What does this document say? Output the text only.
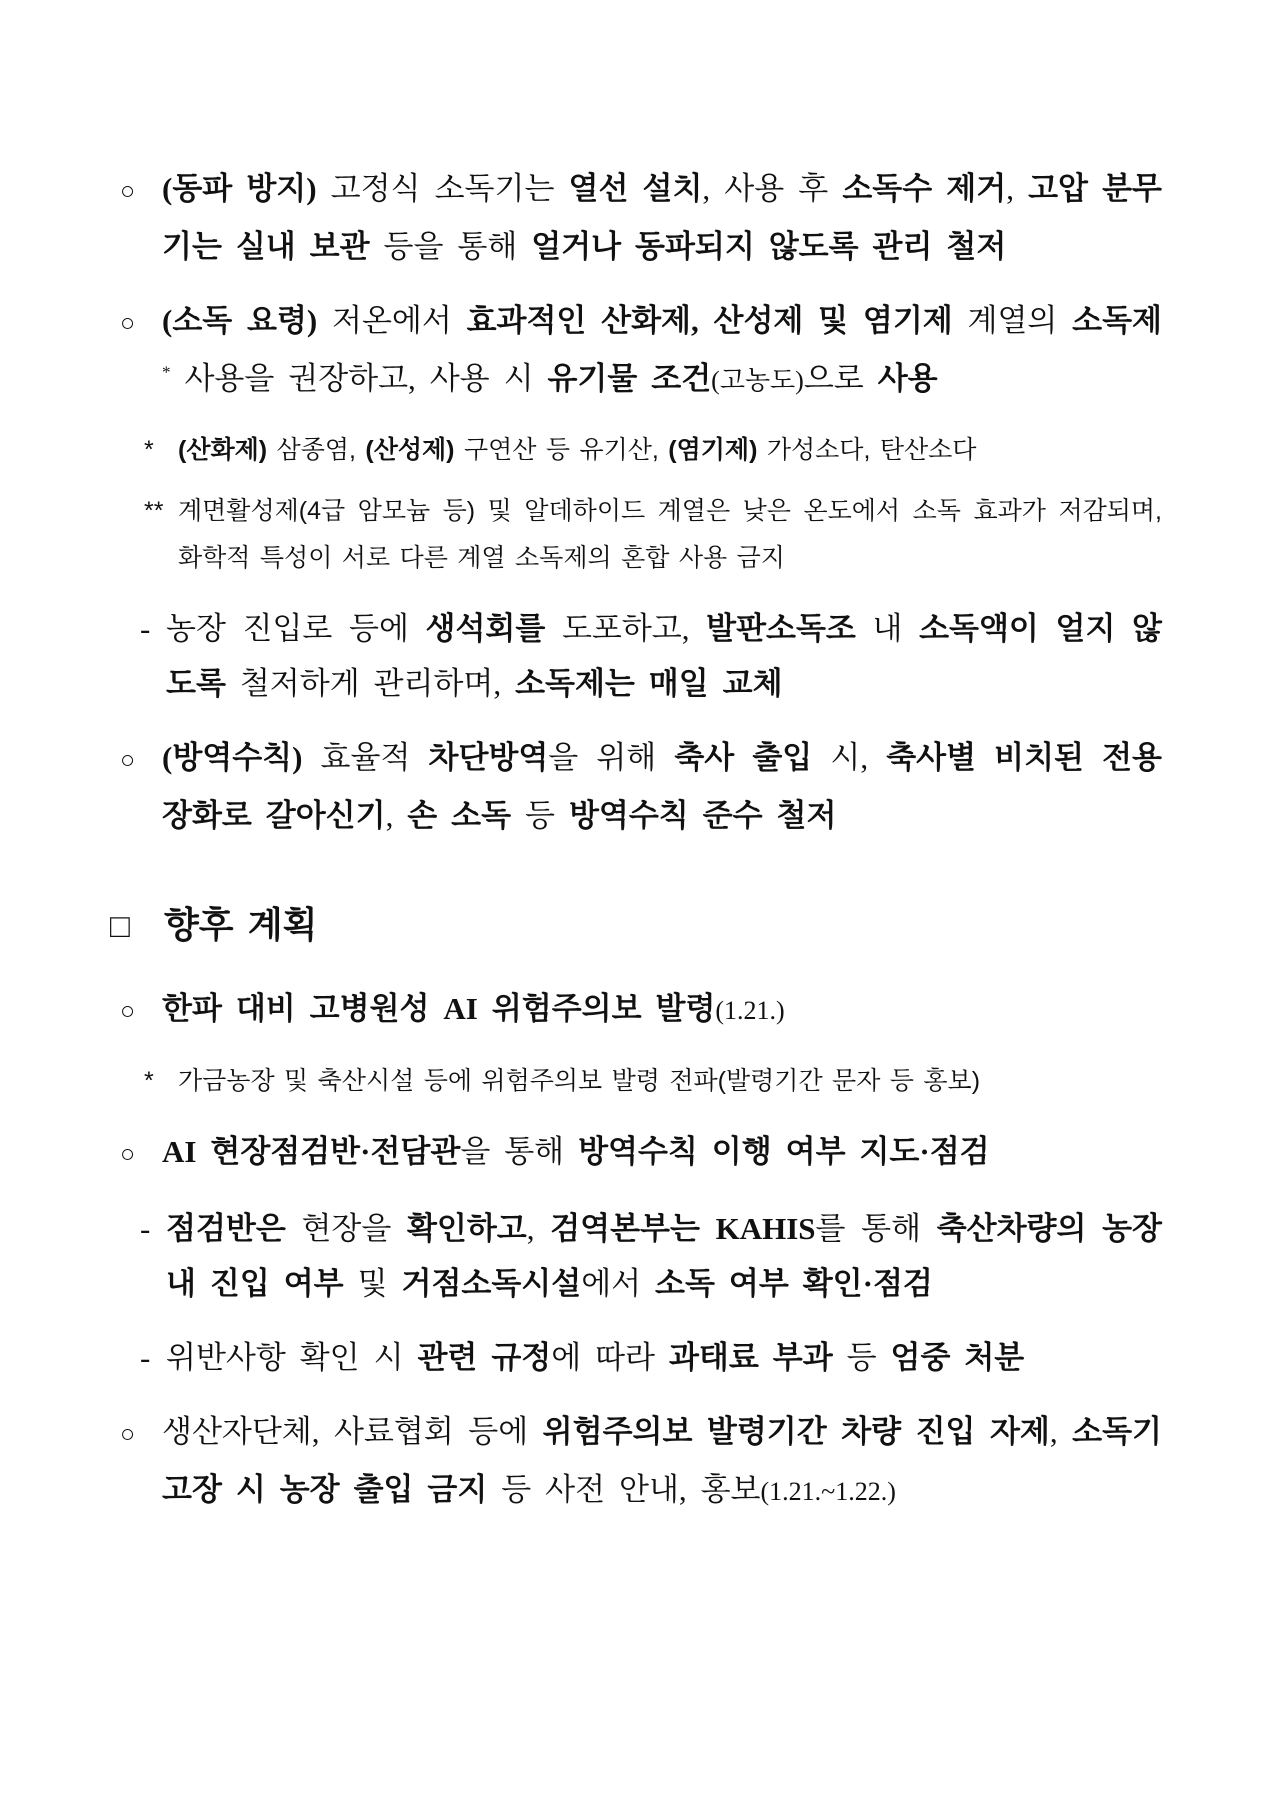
○ (동파 방지) 고정식 소독기는 열선 설치, 사용 후 소독수 제거, 고압 분무기는 실내 보관 등을 통해 얼거나 동파되지 않도록 관리 철저
○ (소독 요령) 저온에서 효과적인 산화제, 산성제 및 염기제 계열의 소독제* 사용을 권장하고, 사용 시 유기물 조건(고농도)으로 사용
* (산화제) 삼종염, (산성제) 구연산 등 유기산, (염기제) 가성소다, 탄산소다
** 계면활성제(4급 암모늄 등) 및 알데하이드 계열은 낮은 온도에서 소독 효과가 저감되며, 화학적 특성이 서로 다른 계열 소독제의 혼합 사용 금지
- 농장 진입로 등에 생석회를 도포하고, 발판소독조 내 소독액이 얼지 않도록 철저하게 관리하며, 소독제는 매일 교체
○ (방역수칙) 효율적 차단방역을 위해 축사 출입 시, 축사별 비치된 전용 장화로 갈아신기, 손 소독 등 방역수칙 준수 철저
□ 향후 계획
○ 한파 대비 고병원성 AI 위험주의보 발령(1.21.)
* 가금농장 및 축산시설 등에 위험주의보 발령 전파(발령기간 문자 등 홍보)
○ AI 현장점검반·전담관을 통해 방역수칙 이행 여부 지도·점검
- 점검반은 현장을 확인하고, 검역본부는 KAHIS를 통해 축산차량의 농장 내 진입 여부 및 거점소독시설에서 소독 여부 확인·점검
- 위반사항 확인 시 관련 규정에 따라 과태료 부과 등 엄중 처분
○ 생산자단체, 사료협회 등에 위험주의보 발령기간 차량 진입 자제, 소독기 고장 시 농장 출입 금지 등 사전 안내, 홍보(1.21.~1.22.)
